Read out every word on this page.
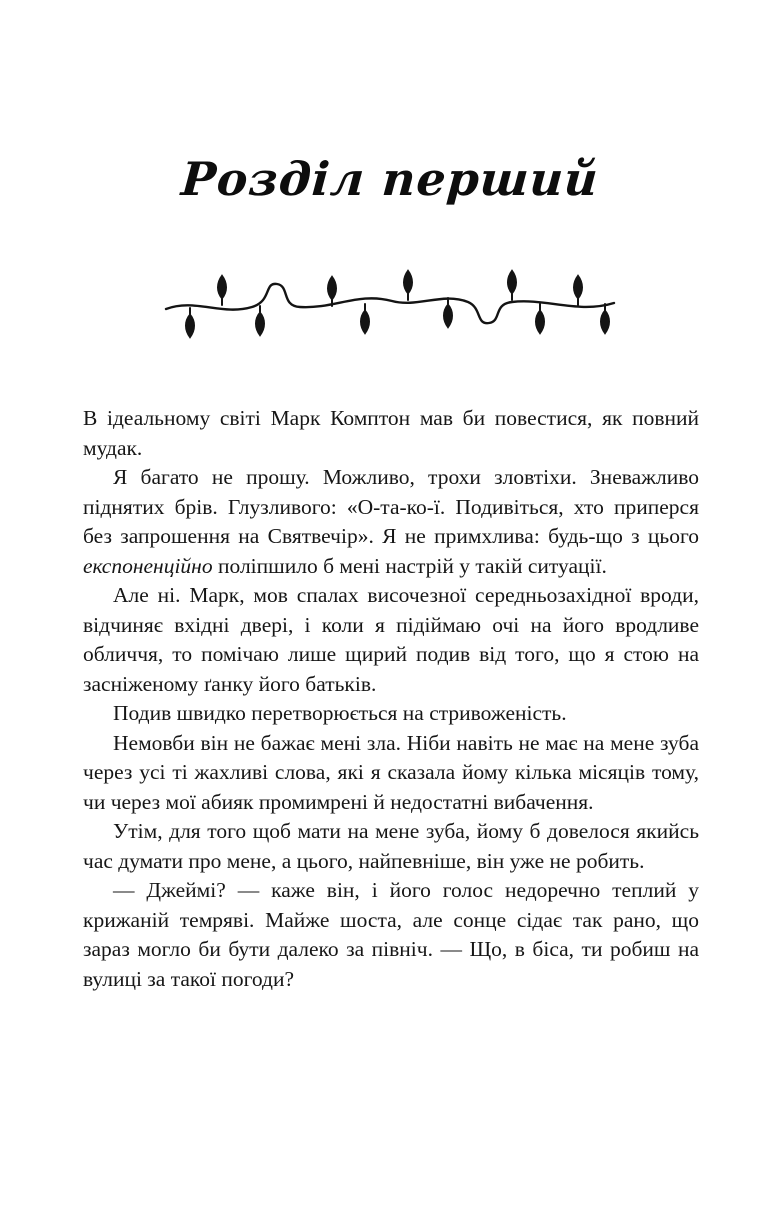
Розділ перший

В ідеальному світі Марк Комптон мав би повестися, як повний мудак.

Я багато не прошу. Можливо, трохи зловтіхи. Зневажливо піднятих брів. Глузливого: «О-та-ко-ї. Подивіться, хто приперся без запрошення на Святвечір». Я не примхлива: будь-що з цього експоненційно поліпшило б мені настрій у такій ситуації.

Але ні. Марк, мов спалах височезної середньозахідної вроди, відчиняє вхідні двері, і коли я підіймаю очі на його вродливе обличчя, то помічаю лише щирий подив від того, що я стою на засніженому ґанку його батьків.

Подив швидко перетворюється на стривоженість.

Немовби він не бажає мені зла. Ніби навіть не має на мене зуба через усі ті жахливі слова, які я сказала йому кілька місяців тому, чи через мої абияк промимрені й недостатні вибачення.

Утім, для того щоб мати на мене зуба, йому б довелося якийсь час думати про мене, а цього, найпевніше, він уже не робить.

— Джеймі? — каже він, і його голос недоречно теплий у крижаній темряві. Майже шоста, але сонце сідає так рано, що зараз могло би бути далеко за північ. — Що, в біса, ти робиш на вулиці за такої погоди?
